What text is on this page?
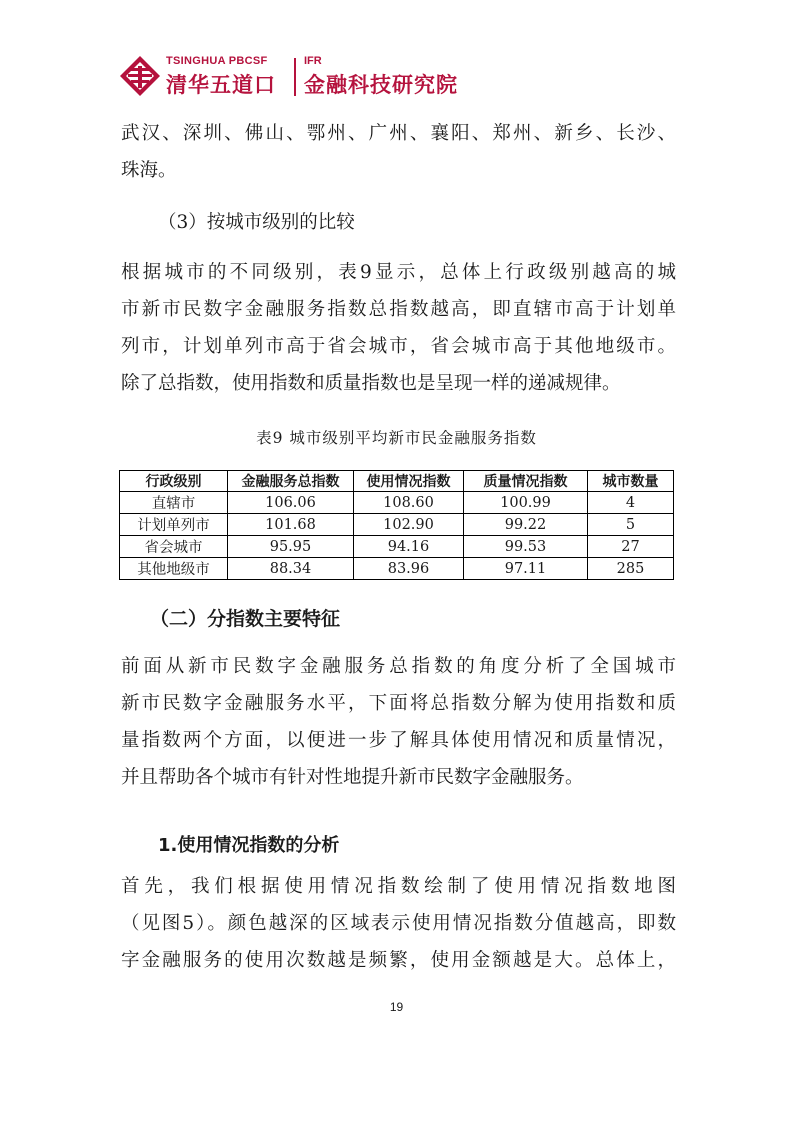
TSINGHUA PBCSF
清华五道口
IFR
金融科技研究院
武汉、深圳、佛山、鄂州、广州、襄阳、郑州、新乡、长沙、
珠海。
（3）按城市级别的比较
根据城市的不同级别，表9显示，总体上行政级别越高的城
市新市民数字金融服务指数总指数越高，即直辖市高于计划单
列市，计划单列市高于省会城市，省会城市高于其他地级市。
除了总指数，使用指数和质量指数也是呈现一样的递减规律。
表9 城市级别平均新市民金融服务指数
行政级别	金融服务总指数	使用情况指数	质量情况指数	城市数量
直辖市	106.06	108.60	100.99	4
计划单列市	101.68	102.90	99.22	5
省会城市	95.95	94.16	99.53	27
其他地级市	88.34	83.96	97.11	285
（二）分指数主要特征
前面从新市民数字金融服务总指数的角度分析了全国城市
新市民数字金融服务水平，下面将总指数分解为使用指数和质
量指数两个方面，以便进一步了解具体使用情况和质量情况，
并且帮助各个城市有针对性地提升新市民数字金融服务。
1.使用情况指数的分析
首先，我们根据使用情况指数绘制了使用情况指数地图
（见图5）。颜色越深的区域表示使用情况指数分值越高，即数
字金融服务的使用次数越是频繁，使用金额越是大。总体上，
19
